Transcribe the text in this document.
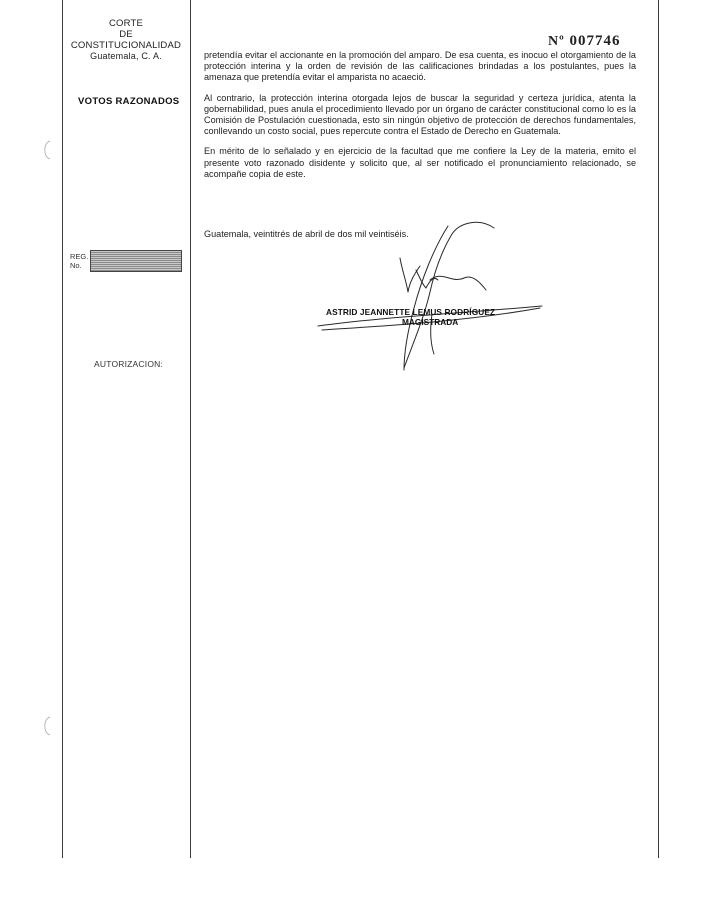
CORTE
DE
CONSTITUCIONALIDAD
Guatemala, C. A.
VOTOS RAZONADOS
REG.
No.
AUTORIZACION:
Nº 007746

pretendía evitar el accionante en la promoción del amparo. De esa cuenta, es inocuo el otorgamiento de la protección interina y la orden de revisión de las calificaciones brindadas a los postulantes, pues la amenaza que pretendía evitar el amparista no acaeció.

Al contrario, la protección interina otorgada lejos de buscar la seguridad y certeza jurídica, atenta la gobernabilidad, pues anula el procedimiento llevado por un órgano de carácter constitucional como lo es la Comisión de Postulación cuestionada, esto sin ningún objetivo de protección de derechos fundamentales, conllevando un costo social, pues repercute contra el Estado de Derecho en Guatemala.

En mérito de lo señalado y en ejercicio de la facultad que me confiere la Ley de la materia, emito el presente voto razonado disidente y solicito que, al ser notificado el pronunciamiento relacionado, se acompañe copia de este.

Guatemala, veintitrés de abril de dos mil veintiséis.
ASTRID JEANNETTE LEMUS RODRÍGUEZ
MAGISTRADA
